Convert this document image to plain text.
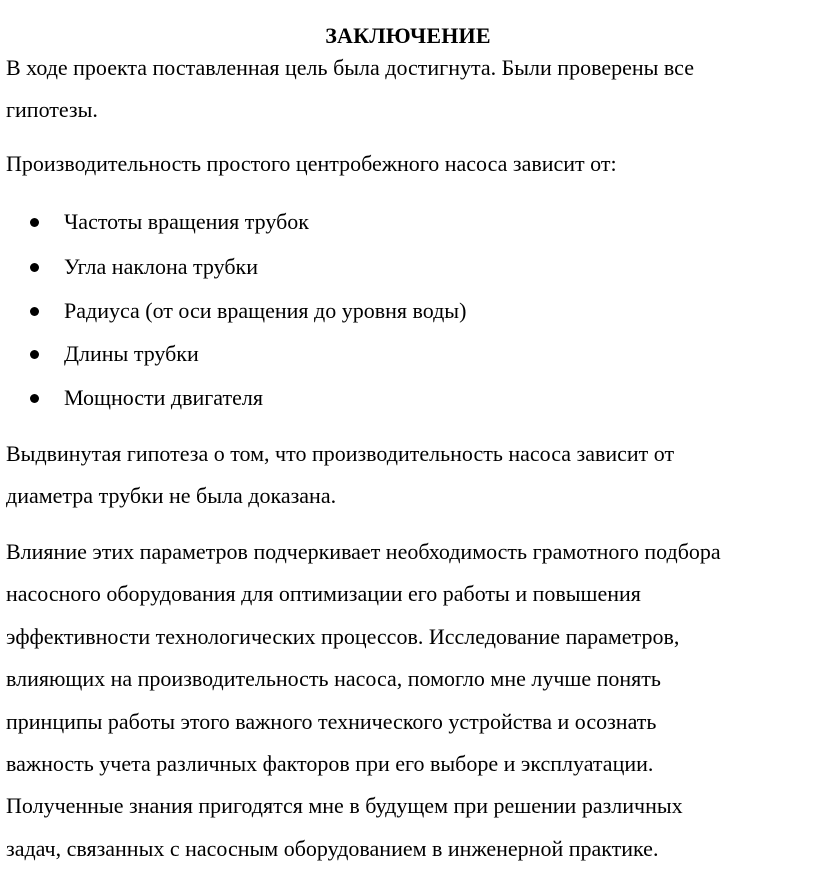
ЗАКЛЮЧЕНИЕ
В ходе проекта поставленная цель была достигнута. Были проверены все
гипотезы.
Производительность простого центробежного насоса зависит от:
Частоты вращения трубок
Угла наклона трубки
Радиуса (от оси вращения до уровня воды)
Длины трубки
Мощности двигателя
Выдвинутая гипотеза о том, что производительность насоса зависит от
диаметра трубки не была доказана.
Влияние этих параметров подчеркивает необходимость грамотного подбора
насосного оборудования для оптимизации его работы и повышения
эффективности технологических процессов. Исследование параметров,
влияющих на производительность насоса, помогло мне лучше понять
принципы работы этого важного технического устройства и осознать
важность учета различных факторов при его выборе и эксплуатации.
Полученные знания пригодятся мне в будущем при решении различных
задач, связанных с насосным оборудованием в инженерной практике.
